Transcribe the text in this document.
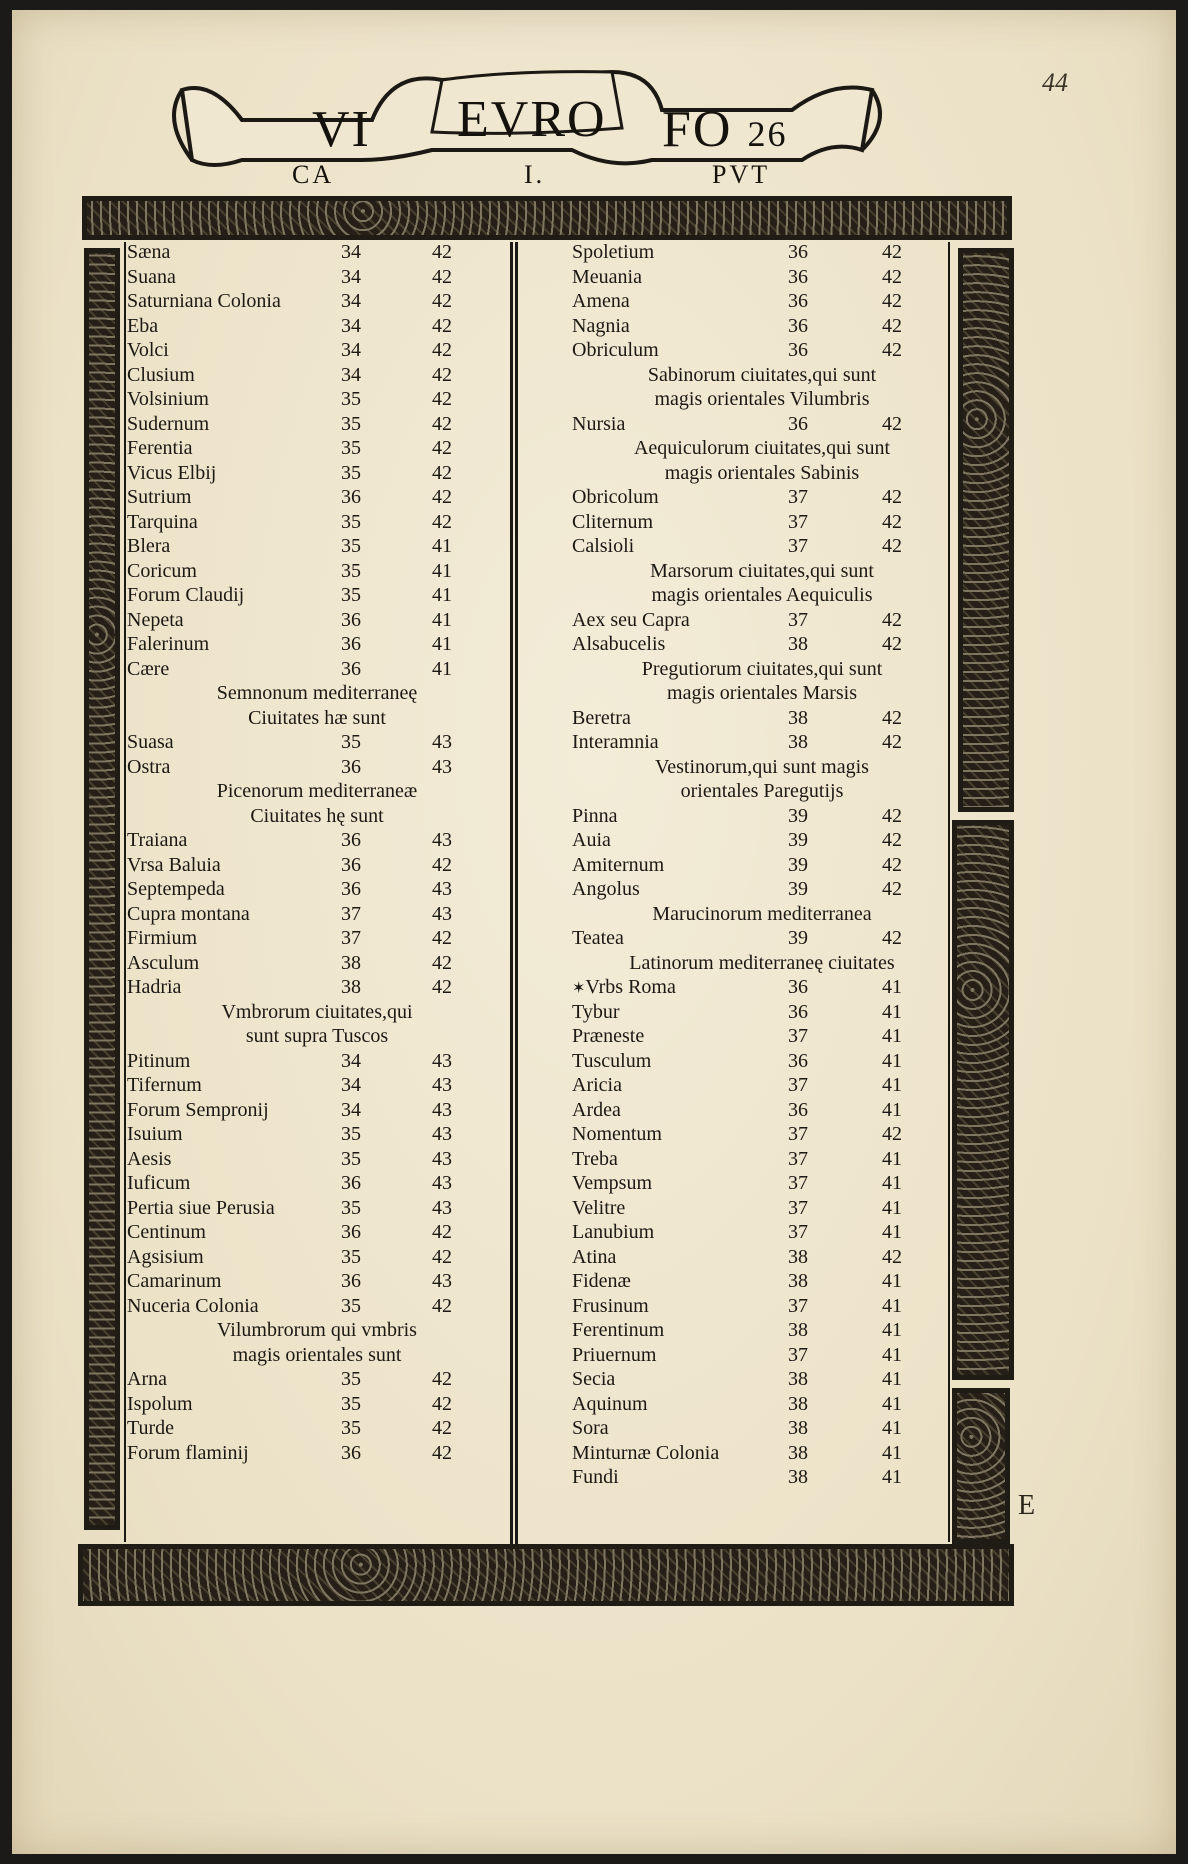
44
VI EVRO FO 26
CA	I.	PVT
Sæna	34	42
Suana	34	42
Saturniana Colonia	34	42
Eba	34	42
Volci	34	42
Clusium	34	42
Volsinium	35	42
Sudernum	35	42
Ferentia	35	42
Vicus Elbij	35	42
Sutrium	36	42
Tarquina	35	42
Blera	35	41
Coricum	35	41
Forum Claudij	35	41
Nepeta	36	41
Falerinum	36	41
Cære	36	41
Semnonum mediterraneę
Ciuitates hæ sunt
Suasa	35	43
Ostra	36	43
Picenorum mediterraneæ
Ciuitates hę sunt
Traiana	36	43
Vrsa Baluia	36	42
Septempeda	36	43
Cupra montana	37	43
Firmium	37	42
Asculum	38	42
Hadria	38	42
Vmbrorum ciuitates,qui
sunt supra Tuscos
Pitinum	34	43
Tifernum	34	43
Forum Sempronij	34	43
Isuium	35	43
Aesis	35	43
Iuficum	36	43
Pertia siue Perusia	35	43
Centinum	36	42
Agsisium	35	42
Camarinum	36	43
Nuceria Colonia	35	42
Vilumbrorum qui vmbris
magis orientales sunt
Arna	35	42
Ispolum	35	42
Turde	35	42
Forum flaminij	36	42
Spoletium	36	42
Meuania	36	42
Amena	36	42
Nagnia	36	42
Obriculum	36	42
Sabinorum ciuitates,qui sunt
magis orientales Vilumbris
Nursia	36	42
Aequiculorum ciuitates,qui sunt
magis orientales Sabinis
Obricolum	37	42
Cliternum	37	42
Calsioli	37	42
Marsorum ciuitates,qui sunt
magis orientales Aequiculis
Aex seu Capra	37	42
Alsabucelis	38	42
Pregutiorum ciuitates,qui sunt
magis orientales Marsis
Beretra	38	42
Interamnia	38	42
Vestinorum,qui sunt magis
orientales Paregutijs
Pinna	39	42
Auia	39	42
Amiternum	39	42
Angolus	39	42
Marucinorum mediterranea
Teatea	39	42
Latinorum mediterraneę ciuitates
✶ Vrbs Roma	36	41
Tybur	36	41
Præneste	37	41
Tusculum	36	41
Aricia	37	41
Ardea	36	41
Nomentum	37	42
Treba	37	41
Vempsum	37	41
Velitre	37	41
Lanubium	37	41
Atina	38	42
Fidenæ	38	41
Frusinum	37	41
Ferentinum	38	41
Priuernum	37	41
Secia	38	41
Aquinum	38	41
Sora	38	41
Minturnæ Colonia	38	41
Fundi	38	41
E
